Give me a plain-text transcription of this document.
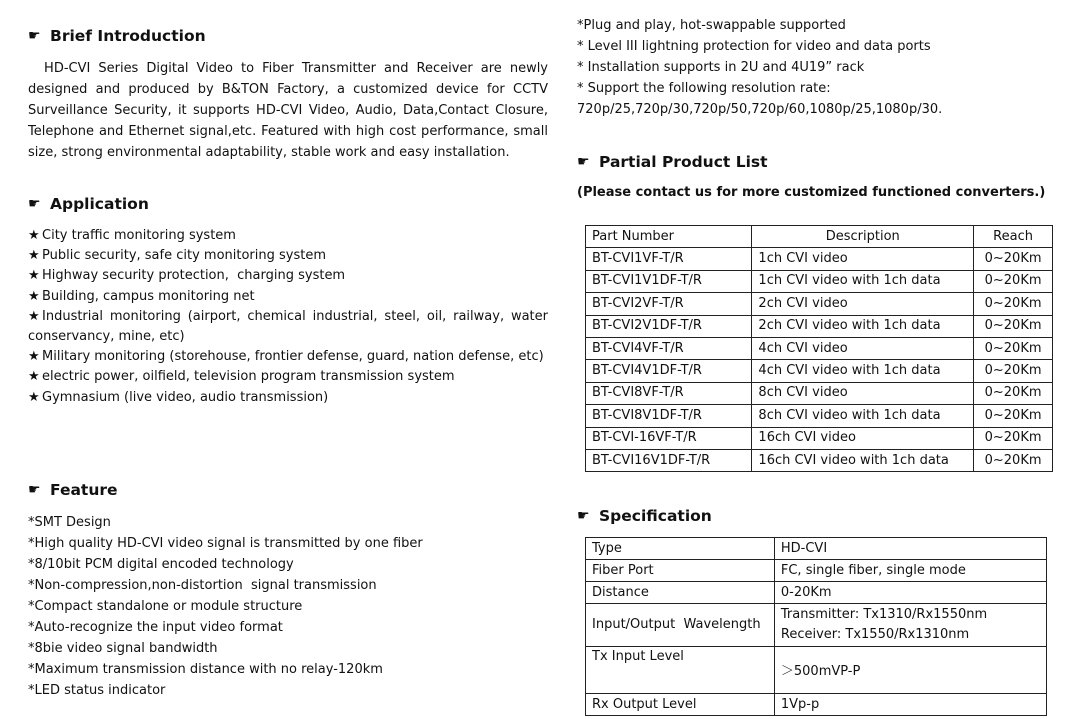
☛ Brief Introduction
HD-CVI Series Digital Video to Fiber Transmitter and Receiver are newly
designed and produced by B&TON Factory, a customized device for CCTV
Surveillance Security, it supports HD-CVI Video, Audio, Data,Contact Closure,
Telephone and Ethernet signal,etc. Featured with high cost performance, small
size, strong environmental adaptability, stable work and easy installation.
☛ Application
★ City traffic monitoring system
★ Public security, safe city monitoring system
★ Highway security protection,  charging system
★ Building, campus monitoring net
★ Industrial monitoring (airport, chemical industrial, steel, oil, railway, water conservancy, mine, etc)
★ Military monitoring (storehouse, frontier defense, guard, nation defense, etc)
★ electric power, oilfield, television program transmission system
★ Gymnasium (live video, audio transmission)
☛ Feature
*SMT Design
*High quality HD-CVI video signal is transmitted by one fiber
*8/10bit PCM digital encoded technology
*Non-compression,non-distortion  signal transmission
*Compact standalone or module structure
*Auto-recognize the input video format
*8bie video signal bandwidth
*Maximum transmission distance with no relay-120km
*LED status indicator
*Plug and play, hot-swappable supported
* Level III lightning protection for video and data ports
* Installation supports in 2U and 4U19” rack
* Support the following resolution rate:
720p/25,720p/30,720p/50,720p/60,1080p/25,1080p/30.
☛ Partial Product List
(Please contact us for more customized functioned converters.)
Part Number	Description	Reach
BT-CVI1VF-T/R	1ch CVI video	0~20Km
BT-CVI1V1DF-T/R	1ch CVI video with 1ch data	0~20Km
BT-CVI2VF-T/R	2ch CVI video	0~20Km
BT-CVI2V1DF-T/R	2ch CVI video with 1ch data	0~20Km
BT-CVI4VF-T/R	4ch CVI video	0~20Km
BT-CVI4V1DF-T/R	4ch CVI video with 1ch data	0~20Km
BT-CVI8VF-T/R	8ch CVI video	0~20Km
BT-CVI8V1DF-T/R	8ch CVI video with 1ch data	0~20Km
BT-CVI-16VF-T/R	16ch CVI video	0~20Km
BT-CVI16V1DF-T/R	16ch CVI video with 1ch data	0~20Km
☛ Specification
Type	HD-CVI
Fiber Port	FC, single fiber, single mode
Distance	0-20Km
Input/Output  Wavelength	Transmitter: Tx1310/Rx1550nm
Receiver: Tx1550/Rx1310nm

Tx Input Level	＞500mVP-P
Rx Output Level	1Vp-p
